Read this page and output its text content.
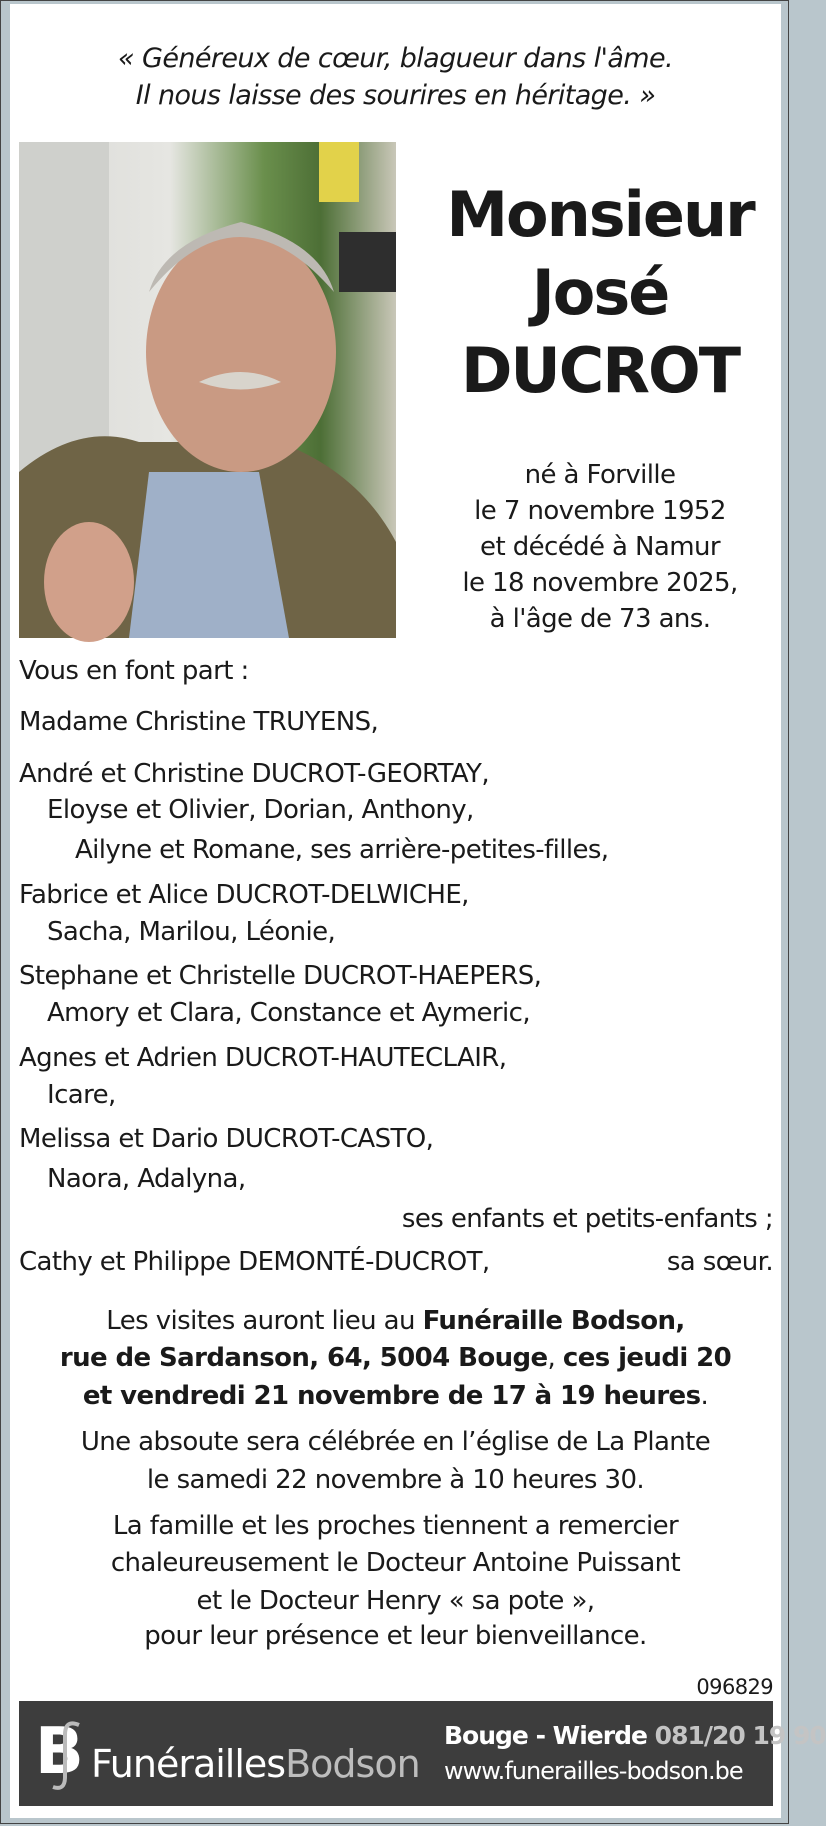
« Généreux de cœur, blagueur dans l'âme.
Il nous laisse des sourires en héritage. »
Monsieur
José
DUCROT
né à Forville
le 7 novembre 1952
et décédé à Namur
le 18 novembre 2025,
à l'âge de 73 ans.
Vous en font part :
Madame Christine TRUYENS,
André et Christine DUCROT-GEORTAY,
Eloyse et Olivier, Dorian, Anthony,
Ailyne et Romane, ses arrière-petites-filles,
Fabrice et Alice DUCROT-DELWICHE,
Sacha, Marilou, Léonie,
Stephane et Christelle DUCROT-HAEPERS,
Amory et Clara, Constance et Aymeric,
Agnes et Adrien DUCROT-HAUTECLAIR,
Icare,
Melissa et Dario DUCROT-CASTO,
Naora, Adalyna,
ses enfants et petits-enfants ;
Cathy et Philippe DEMONTÉ-DUCROT,	sa sœur.
Les visites auront lieu au Funéraille Bodson,
rue de Sardanson, 64, 5004 Bouge, ces jeudi 20
et vendredi 21 novembre de 17 à 19 heures.
Une absoute sera célébrée en l’église de La Plante
le samedi 22 novembre à 10 heures 30.
La famille et les proches tiennent a remercier
chaleureusement le Docteur Antoine Puissant
et le Docteur Henry « sa pote »,
pour leur présence et leur bienveillance.
096829
B FunéraillesBodson
Bouge - Wierde 081/20 19 90
www.funerailles-bodson.be
